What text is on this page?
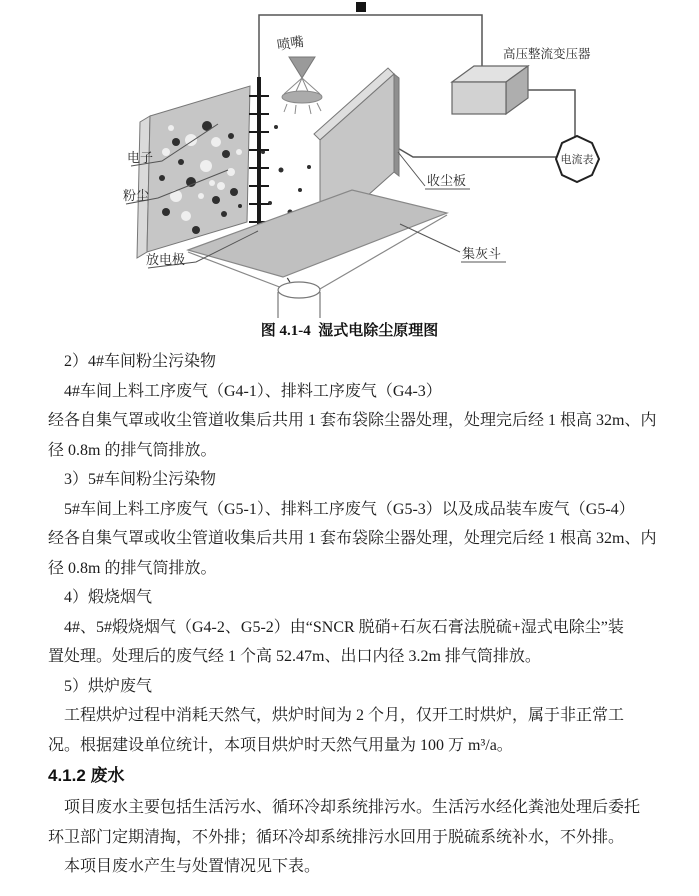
高压整流变压器
电流表
喷嘴
收尘板
集灰斗
电子
粉尘
放电极
图 4.1-4  湿式电除尘原理图
2）4#车间粉尘污染物
4#车间上料工序废气（G4-1）、排料工序废气（G4-3）
经各自集气罩或收尘管道收集后共用 1 套布袋除尘器处理，处理完后经 1 根高 32m、内
径 0.8m 的排气筒排放。
3）5#车间粉尘污染物
5#车间上料工序废气（G5-1）、排料工序废气（G5-3）以及成品装车废气（G5-4）
经各自集气罩或收尘管道收集后共用 1 套布袋除尘器处理，处理完后经 1 根高 32m、内
径 0.8m 的排气筒排放。
4）煅烧烟气
4#、5#煅烧烟气（G4-2、G5-2）由“SNCR 脱硝+石灰石膏法脱硫+湿式电除尘”装
置处理。处理后的废气经 1 个高 52.47m、出口内径 3.2m 排气筒排放。
5）烘炉废气
工程烘炉过程中消耗天然气，烘炉时间为 2 个月，仅开工时烘炉，属于非正常工
况。根据建设单位统计，本项目烘炉时天然气用量为 100 万 m³/a。
4.1.2 废水
项目废水主要包括生活污水、循环冷却系统排污水。生活污水经化粪池处理后委托
环卫部门定期清掏，不外排；循环冷却系统排污水回用于脱硫系统补水，不外排。
本项目废水产生与处置情况见下表。
